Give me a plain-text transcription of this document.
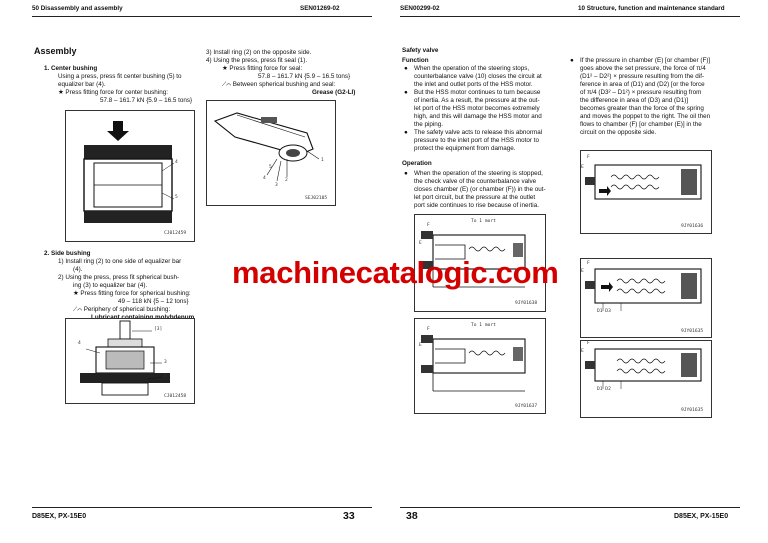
50 Disassembly and assembly	SEN01269-02
Assembly
1. Center bushing
Using a press, press fit center bushing (5) to
equalizer bar (4).
★ Press fitting force for center bushing:
57.8 – 161.7 kN {5.9 – 16.5 tons}
4
5
CJ012459
3) Install ring (2) on the opposite side.
4) Using the press, press fit seal (1).
★ Press fitting force for seal:
57.8 – 161.7 kN {5.9 – 16.5 tons}
⟋⌒ Between spherical bushing and seal:
Grease (G2-LI)
1
2
3
4
5
SEJ02105
2. Side bushing
1) Install ring (2) to one side of equalizer bar
(4).
2) Using the press, press fit spherical bush-
ing (3) to equalizer bar (4).
★ Press fitting force for spherical bushing:
49 – 118 kN {5 – 12 tons}
⟋⌒ Periphery of spherical bushing:
4
3
5
[3]
CJ012458
D85EX, PX-15E0	33
SEN00299-02	10 Structure, function and maintenance standard
Safety valve
Function
● When the operation of the steering stops,
counterbalance valve (10) closes the circuit at
the inlet and outlet ports of the HSS motor.
● But the HSS motor continues to turn because
of inertia. As a result, the pressure at the out-
let port of the HSS motor becomes extremely
high, and this will damage the HSS motor and
the piping.
● The safety valve acts to release this abnormal
pressure to the inlet port of the HSS motor to
protect the equipment from damage.
Operation
● When the operation of the steering is stopped,
the check valve of the counterbalance valve
closes chamber (E) (or chamber (F)) in the out-
let port circuit, but the pressure at the outlet
port side continues to rise because of inertia.
● If the pressure in chamber (E) [or chamber (F)]
goes above the set pressure, the force of π/4
(D1² – D2²) × pressure resulting from the dif-
ference in area of (D1) and (D2) [or the force
of π/4 (D3² – D1²) × pressure resulting from
the difference in area of (D3) and (D1)]
becomes greater than the force of the spring
and moves the poppet to the right. The oil then
flows to chamber (F) [or chamber (E)] in the
circuit on the opposite side.
F
E
To 1 mort
9JY01638
F
E
To 1 mort
9JY01637
F
E
9JY01636
F
E
D1 D3
9JY01635
F
E
D1 D2
9JY01635
38	D85EX, PX-15E0
machinecatalogic.com
